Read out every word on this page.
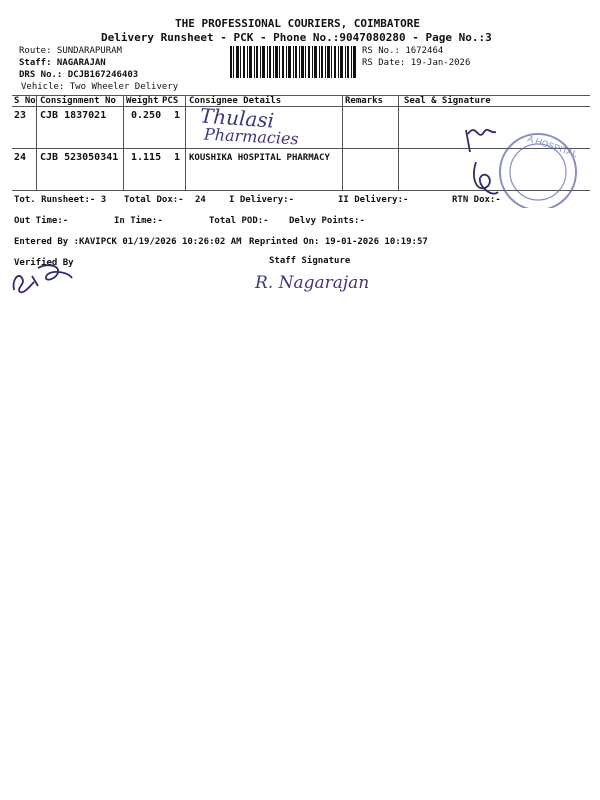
THE PROFESSIONAL COURIERS, COIMBATORE
Delivery Runsheet - PCK - Phone No.:9047080280 - Page No.:3
Route: SUNDARAPURAM
Staff: NAGARAJAN
DRS No.: DCJB167246403
Vehicle: Two Wheeler Delivery
RS No.: 1672464
RS Date: 19-Jan-2026
S No Consignment No Weight PCS Consignee Details	Remarks Seal & Signature
23 CJB 1837021 0.250 1 Thulasi
Pharmacies
24 CJB 523050341 1.115 1 KOUSHIKA HOSPITAL PHARMACY	A HOSPITAL
Tot. Runsheet:- 3 Total Dox:- 24	I Delivery:-	II Delivery:-	RTN Dox:-
Out Time:-	In Time:-	Total POD:- Delvy Points:-
Entered By :KAVIPCK 01/19/2026 10:26:02 AM Reprinted On: 19-01-2026 10:19:57
Verified By	Staff Signature
R. Nagarajan
